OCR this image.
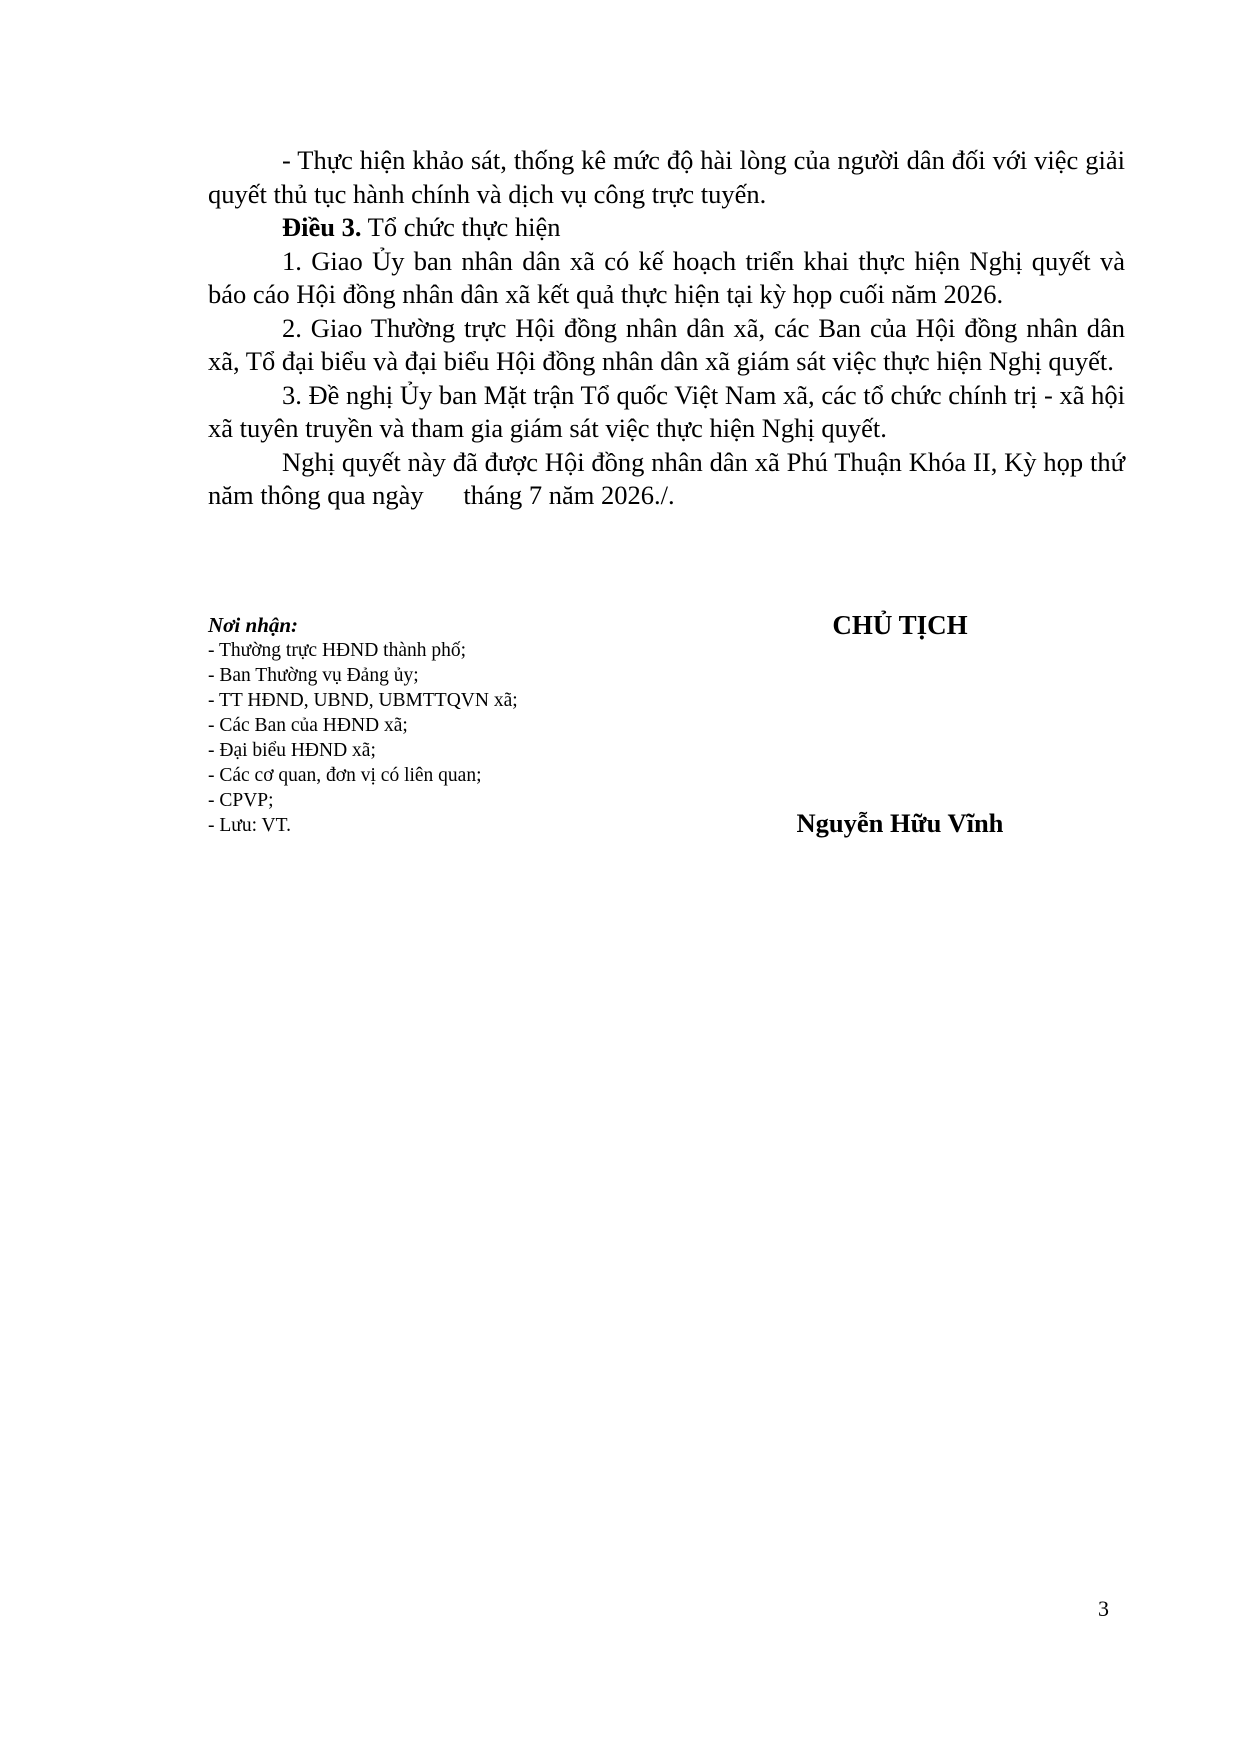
- Thực hiện khảo sát, thống kê mức độ hài lòng của người dân đối với việc giải quyết thủ tục hành chính và dịch vụ công trực tuyến.

Điều 3. Tổ chức thực hiện

1. Giao Ủy ban nhân dân xã có kế hoạch triển khai thực hiện Nghị quyết và báo cáo Hội đồng nhân dân xã kết quả thực hiện tại kỳ họp cuối năm 2026.

2. Giao Thường trực Hội đồng nhân dân xã, các Ban của Hội đồng nhân dân xã, Tổ đại biểu và đại biểu Hội đồng nhân dân xã giám sát việc thực hiện Nghị quyết.

3. Đề nghị Ủy ban Mặt trận Tổ quốc Việt Nam xã, các tổ chức chính trị - xã hội xã tuyên truyền và tham gia giám sát việc thực hiện Nghị quyết.

Nghị quyết này đã được Hội đồng nhân dân xã Phú Thuận Khóa II, Kỳ họp thứ năm thông qua ngày      tháng 7 năm 2026./.

Nơi nhận:
- Thường trực HĐND thành phố;
- Ban Thường vụ Đảng ủy;
- TT HĐND, UBND, UBMTTQVN xã;
- Các Ban của HĐND xã;
- Đại biểu HĐND xã;
- Các cơ quan, đơn vị có liên quan;
- CPVP;
- Lưu: VT.
CHỦ TỊCH
Nguyễn Hữu Vĩnh
3
